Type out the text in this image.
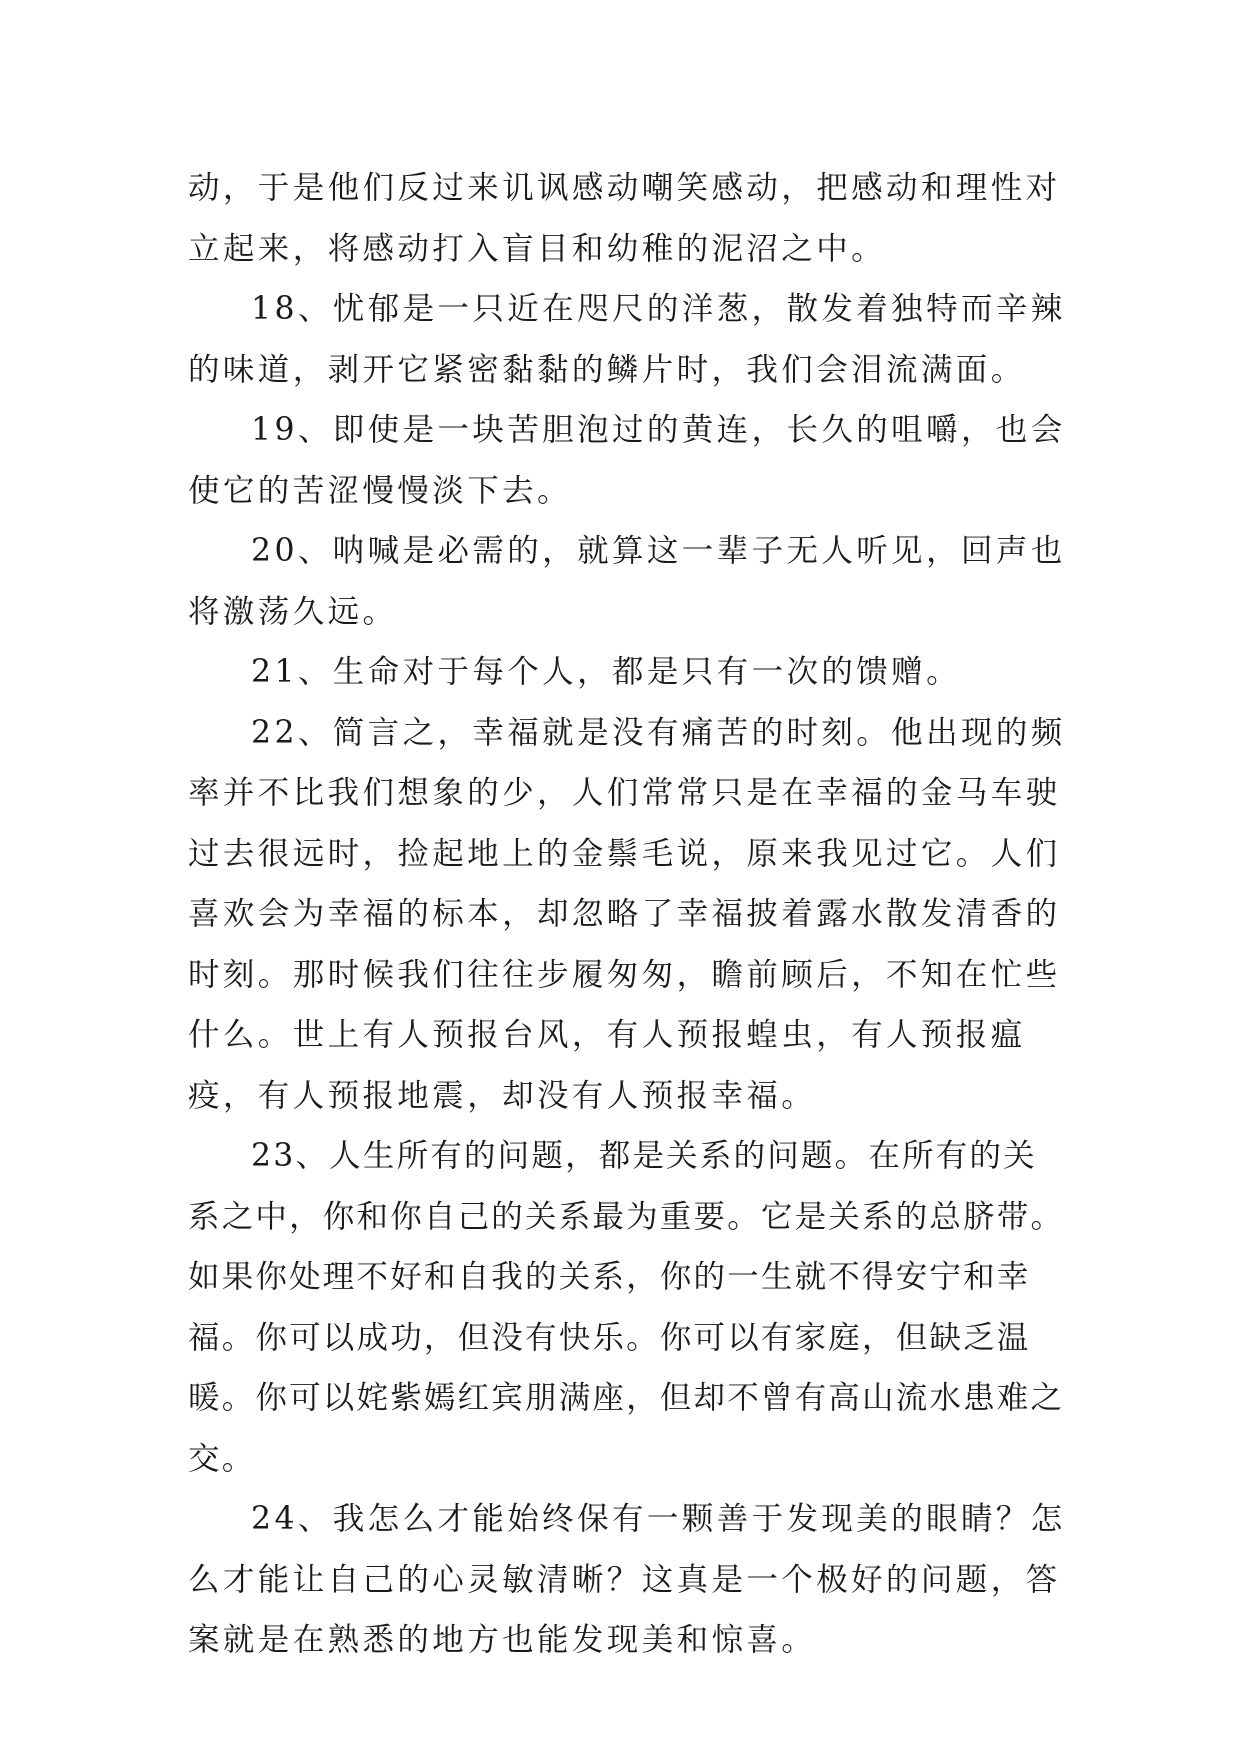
动，于是他们反过来讥讽感动嘲笑感动，把感动和理性对立起来，将感动打入盲目和幼稚的泥沼之中。

18、忧郁是一只近在咫尺的洋葱，散发着独特而辛辣的味道，剥开它紧密黏黏的鳞片时，我们会泪流满面。

19、即使是一块苦胆泡过的黄连，长久的咀嚼，也会使它的苦涩慢慢淡下去。

20、呐喊是必需的，就算这一辈子无人听见，回声也将激荡久远。

21、生命对于每个人，都是只有一次的馈赠。

22、简言之，幸福就是没有痛苦的时刻。他出现的频率并不比我们想象的少，人们常常只是在幸福的金马车驶过去很远时，捡起地上的金鬃毛说，原来我见过它。人们喜欢会为幸福的标本，却忽略了幸福披着露水散发清香的时刻。那时候我们往往步履匆匆，瞻前顾后，不知在忙些什么。世上有人预报台风，有人预报蝗虫，有人预报瘟疫，有人预报地震，却没有人预报幸福。

23、人生所有的问题，都是关系的问题。在所有的关系之中，你和你自己的关系最为重要。它是关系的总脐带。如果你处理不好和自我的关系，你的一生就不得安宁和幸福。你可以成功，但没有快乐。你可以有家庭，但缺乏温暖。你可以姹紫嫣红宾朋满座，但却不曾有高山流水患难之交。

24、我怎么才能始终保有一颗善于发现美的眼睛？怎么才能让自己的心灵敏清晰？这真是一个极好的问题，答案就是在熟悉的地方也能发现美和惊喜。
